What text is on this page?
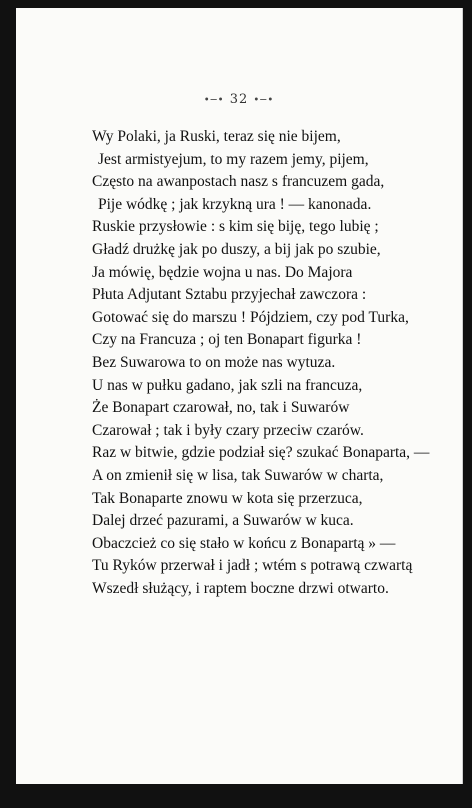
•─• 32 •─•
Wy Polaki, ja Ruski, teraz się nie bijem,
Jest armistyejum, to my razem jemy, pijem,
Często na awanpostach nasz s francuzem gada,
Pije wódkę ; jak krzykną ura ! — kanonada.
Ruskie przysłowie : s kim się biję, tego lubię ;
Gładź drużkę jak po duszy, a bij jak po szubie,
Ja mówię, będzie wojna u nas. Do Majora
Płuta Adjutant Sztabu przyjechał zawczora :
Gotować się do marszu ! Pójdziem, czy pod Turka,
Czy na Francuza ; oj ten Bonapart figurka !
Bez Suwarowa to on może nas wytuza.
U nas w pułku gadano, jak szli na francuza,
Że Bonapart czarował, no, tak i Suwarów
Czarował ; tak i były czary przeciw czarów.
Raz w bitwie, gdzie podział się? szukać Bonaparta, —
A on zmienił się w lisa, tak Suwarów w charta,
Tak Bonaparte znowu w kota się przerzuca,
Dalej drzeć pazurami, a Suwarów w kuca.
Obaczcież co się stało w końcu z Bonapartą » —
Tu Ryków przerwał i jadł ; wtém s potrawą czwartą
Wszedł służący, i raptem boczne drzwi otwarto.
